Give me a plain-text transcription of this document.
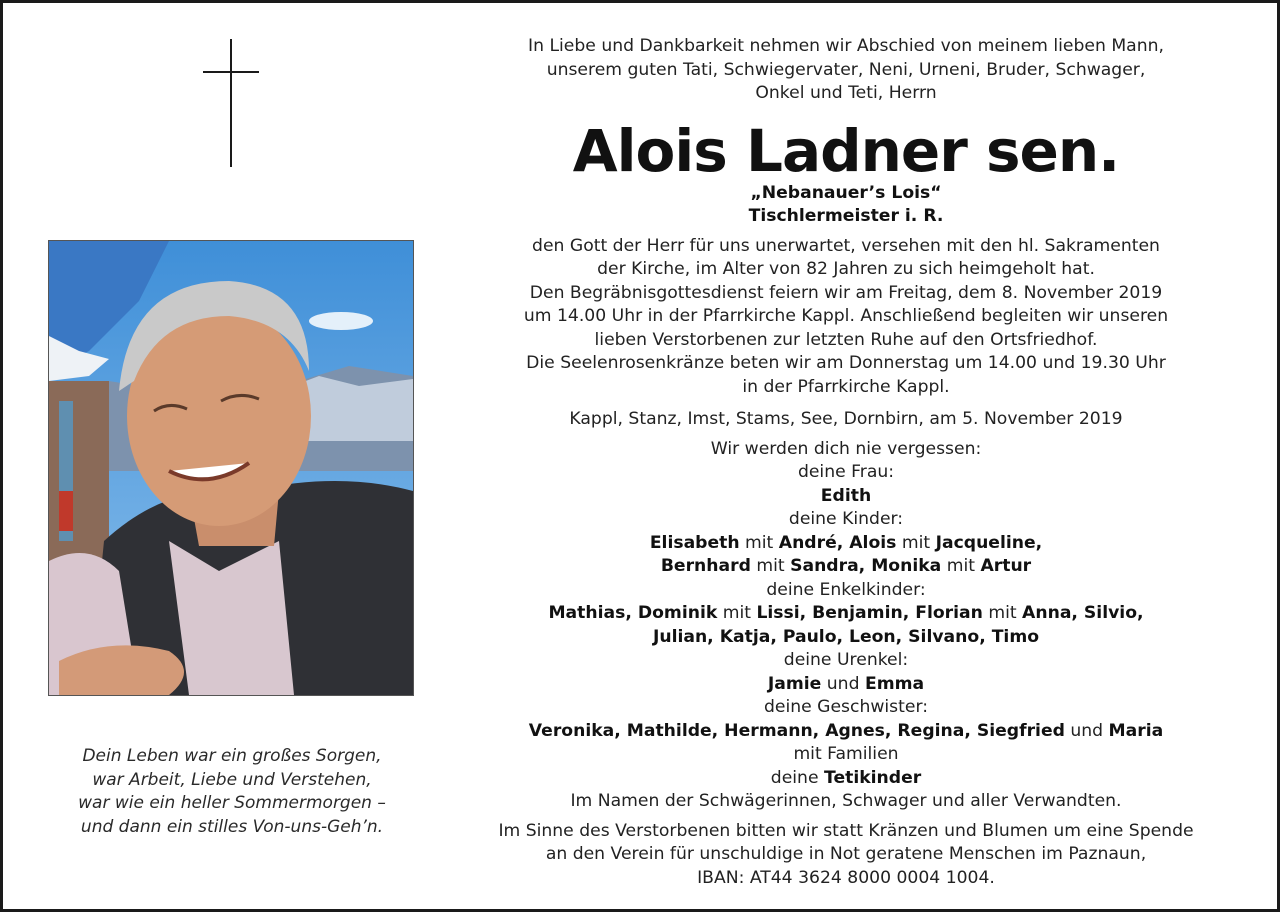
Dein Leben war ein großes Sorgen,
war Arbeit, Liebe und Verstehen,
war wie ein heller Sommermorgen –
und dann ein stilles Von-uns-Geh’n.
In Liebe und Dankbarkeit nehmen wir Abschied von meinem lieben Mann,
unserem guten Tati, Schwiegervater, Neni, Urneni, Bruder, Schwager,
Onkel und Teti, Herrn
Alois Ladner sen.
„Nebanauer’s Lois“
Tischlermeister i. R.
den Gott der Herr für uns unerwartet, versehen mit den hl. Sakramenten
der Kirche, im Alter von 82 Jahren zu sich heimgeholt hat.
Den Begräbnisgottesdienst feiern wir am Freitag, dem 8. November 2019
um 14.00 Uhr in der Pfarrkirche Kappl. Anschließend begleiten wir unseren
lieben Verstorbenen zur letzten Ruhe auf den Ortsfriedhof.
Die Seelenrosenkränze beten wir am Donnerstag um 14.00 und 19.30 Uhr
in der Pfarrkirche Kappl.
Kappl, Stanz, Imst, Stams, See, Dornbirn, am 5. November 2019
Wir werden dich nie vergessen:
deine Frau:
Edith
deine Kinder:
Elisabeth mit André, Alois mit Jacqueline,
Bernhard mit Sandra, Monika mit Artur
deine Enkelkinder:
Mathias, Dominik mit Lissi, Benjamin, Florian mit Anna, Silvio,
Julian, Katja, Paulo, Leon, Silvano, Timo
deine Urenkel:
Jamie und Emma
deine Geschwister:
Veronika, Mathilde, Hermann, Agnes, Regina, Siegfried und Maria
mit Familien
deine Tetikinder
Im Namen der Schwägerinnen, Schwager und aller Verwandten.
Im Sinne des Verstorbenen bitten wir statt Kränzen und Blumen um eine Spende
an den Verein für unschuldige in Not geratene Menschen im Paznaun,
IBAN: AT44 3624 8000 0004 1004.
